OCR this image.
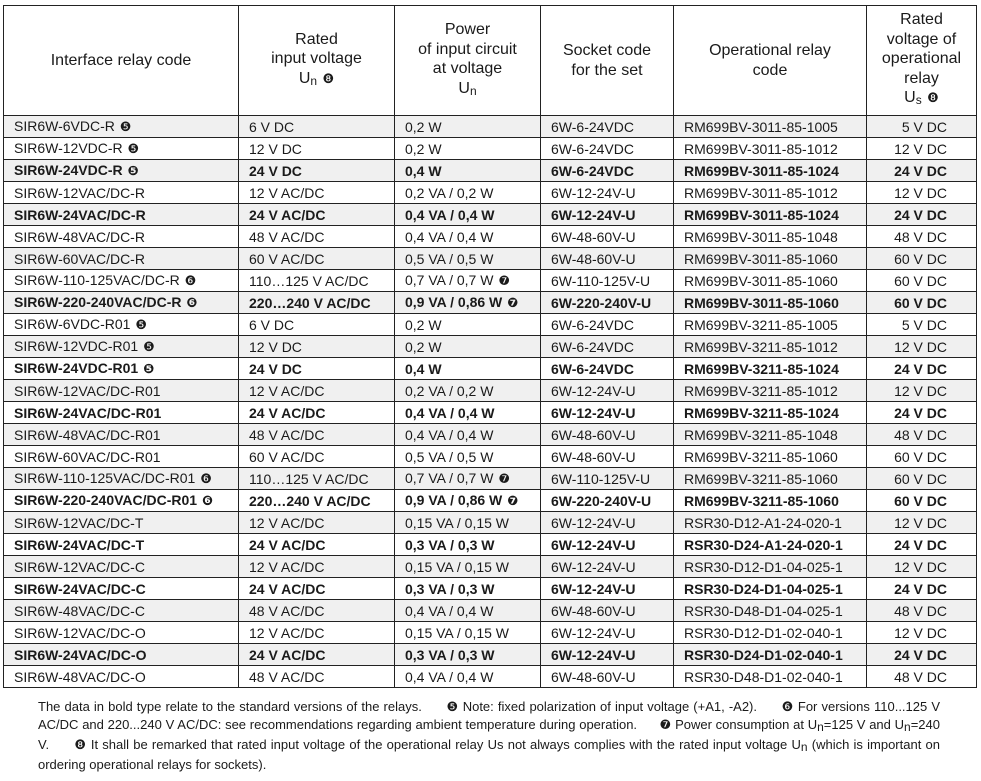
Interface relay code	Rated
input voltage
Un ❽	Power
of input circuit
at voltage
Un	Socket code
for the set	Operational relay
code	Rated
voltage of
operational
relay
Us ❽
SIR6W-6VDC-R ❺	6 V DC	0,2 W	6W-6-24VDC	RM699BV-3011-85-1005	5 V DC
SIR6W-12VDC-R ❺	12 V DC	0,2 W	6W-6-24VDC	RM699BV-3011-85-1012	12 V DC
SIR6W-24VDC-R ❺	24 V DC	0,4 W	6W-6-24VDC	RM699BV-3011-85-1024	24 V DC
SIR6W-12VAC/DC-R	12 V AC/DC	0,2 VA / 0,2 W	6W-12-24V-U	RM699BV-3011-85-1012	12 V DC
SIR6W-24VAC/DC-R	24 V AC/DC	0,4 VA / 0,4 W	6W-12-24V-U	RM699BV-3011-85-1024	24 V DC
SIR6W-48VAC/DC-R	48 V AC/DC	0,4 VA / 0,4 W	6W-48-60V-U	RM699BV-3011-85-1048	48 V DC
SIR6W-60VAC/DC-R	60 V AC/DC	0,5 VA / 0,5 W	6W-48-60V-U	RM699BV-3011-85-1060	60 V DC
SIR6W-110-125VAC/DC-R ❻	110…125 V AC/DC	0,7 VA / 0,7 W ❼	6W-110-125V-U	RM699BV-3011-85-1060	60 V DC
SIR6W-220-240VAC/DC-R ❻	220…240 V AC/DC	0,9 VA / 0,86 W ❼	6W-220-240V-U	RM699BV-3011-85-1060	60 V DC
SIR6W-6VDC-R01 ❺	6 V DC	0,2 W	6W-6-24VDC	RM699BV-3211-85-1005	5 V DC
SIR6W-12VDC-R01 ❺	12 V DC	0,2 W	6W-6-24VDC	RM699BV-3211-85-1012	12 V DC
SIR6W-24VDC-R01 ❺	24 V DC	0,4 W	6W-6-24VDC	RM699BV-3211-85-1024	24 V DC
SIR6W-12VAC/DC-R01	12 V AC/DC	0,2 VA / 0,2 W	6W-12-24V-U	RM699BV-3211-85-1012	12 V DC
SIR6W-24VAC/DC-R01	24 V AC/DC	0,4 VA / 0,4 W	6W-12-24V-U	RM699BV-3211-85-1024	24 V DC
SIR6W-48VAC/DC-R01	48 V AC/DC	0,4 VA / 0,4 W	6W-48-60V-U	RM699BV-3211-85-1048	48 V DC
SIR6W-60VAC/DC-R01	60 V AC/DC	0,5 VA / 0,5 W	6W-48-60V-U	RM699BV-3211-85-1060	60 V DC
SIR6W-110-125VAC/DC-R01 ❻	110…125 V AC/DC	0,7 VA / 0,7 W ❼	6W-110-125V-U	RM699BV-3211-85-1060	60 V DC
SIR6W-220-240VAC/DC-R01 ❻	220…240 V AC/DC	0,9 VA / 0,86 W ❼	6W-220-240V-U	RM699BV-3211-85-1060	60 V DC
SIR6W-12VAC/DC-T	12 V AC/DC	0,15 VA / 0,15 W	6W-12-24V-U	RSR30-D12-A1-24-020-1	12 V DC
SIR6W-24VAC/DC-T	24 V AC/DC	0,3 VA / 0,3 W	6W-12-24V-U	RSR30-D24-A1-24-020-1	24 V DC
SIR6W-12VAC/DC-C	12 V AC/DC	0,15 VA / 0,15 W	6W-12-24V-U	RSR30-D12-D1-04-025-1	12 V DC
SIR6W-24VAC/DC-C	24 V AC/DC	0,3 VA / 0,3 W	6W-12-24V-U	RSR30-D24-D1-04-025-1	24 V DC
SIR6W-48VAC/DC-C	48 V AC/DC	0,4 VA / 0,4 W	6W-48-60V-U	RSR30-D48-D1-04-025-1	48 V DC
SIR6W-12VAC/DC-O	12 V AC/DC	0,15 VA / 0,15 W	6W-12-24V-U	RSR30-D12-D1-02-040-1	12 V DC
SIR6W-24VAC/DC-O	24 V AC/DC	0,3 VA / 0,3 W	6W-12-24V-U	RSR30-D24-D1-02-040-1	24 V DC
SIR6W-48VAC/DC-O	48 V AC/DC	0,4 VA / 0,4 W	6W-48-60V-U	RSR30-D48-D1-02-040-1	48 V DC

The data in bold type relate to the standard versions of the relays. ❺ Note: fixed polarization of input voltage (+A1, -A2). ❻ For versions 110...125 V AC/DC and 220...240 V AC/DC: see recommendations regarding ambient temperature during operation. ❼ Power consumption at Un=125 V and Un=240 V. ❽ It shall be remarked that rated input voltage of the operational relay Us not always complies with the rated input voltage Un (which is important on ordering operational relays for sockets).
